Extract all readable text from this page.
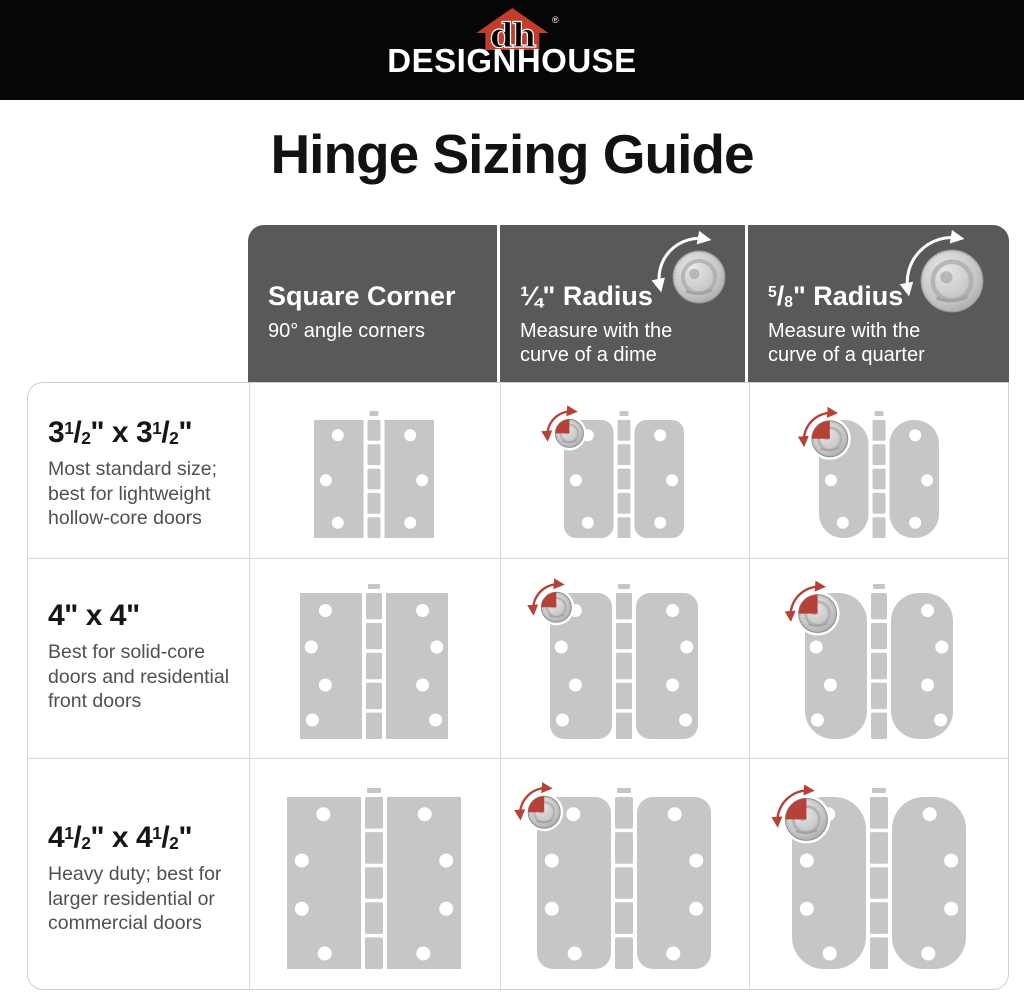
dh
DESIGNHOUSE
®
Hinge Sizing Guide
Square Corner
90° angle corners
¼" Radius
Measure with the
curve of a dime
$^5/_8$" Radius
Measure with the
curve of a quarter
$3^1/_2$" x $3^1/_2$"
Most standard size;
best for lightweight
hollow-core doors
4" x 4"
Best for solid-core
doors and residential
front doors
$4^1/_2$" x $4^1/_2$"
Heavy duty; best for
larger residential or
commercial doors
